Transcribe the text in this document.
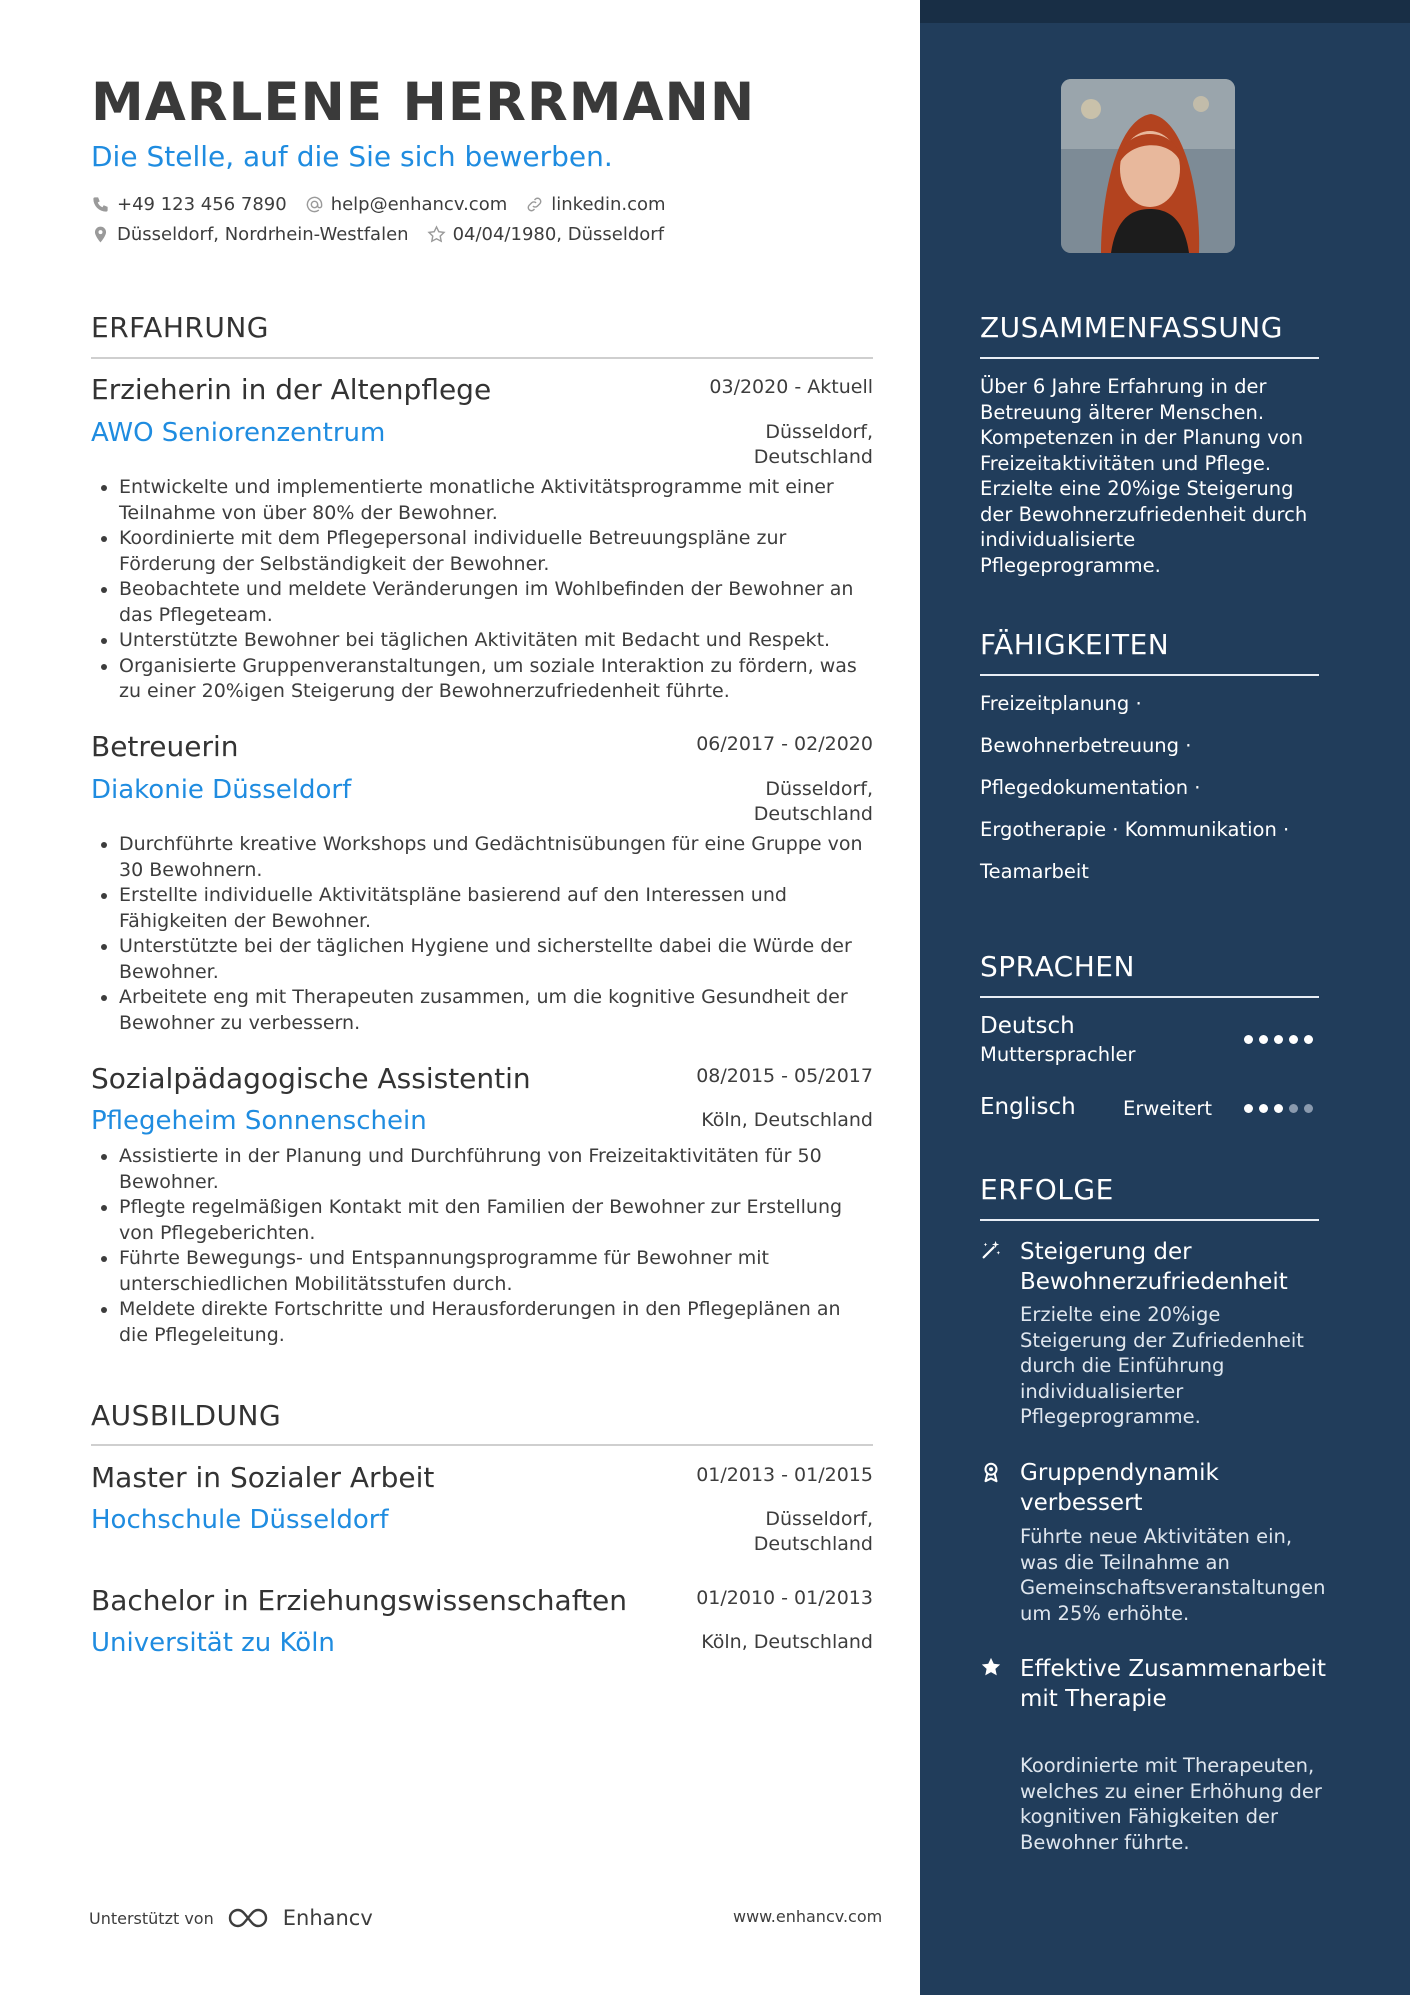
MARLENE HERRMANN
Die Stelle, auf die Sie sich bewerben.
+49 123 456 7890 help@enhancv.com linkedin.com
Düsseldorf, Nordrhein-Westfalen 04/04/1980, Düsseldorf
ERFAHRUNG
Erzieherin in der Altenpflege	03/2020 - Aktuell
AWO Seniorenzentrum	Düsseldorf,
Deutschland
• Entwickelte und implementierte monatliche Aktivitätsprogramme mit einer Teilnahme von über 80% der Bewohner.
• Koordinierte mit dem Pflegepersonal individuelle Betreuungspläne zur Förderung der Selbständigkeit der Bewohner.
• Beobachtete und meldete Veränderungen im Wohlbefinden der Bewohner an das Pflegeteam.
• Unterstützte Bewohner bei täglichen Aktivitäten mit Bedacht und Respekt.
• Organisierte Gruppenveranstaltungen, um soziale Interaktion zu fördern, was zu einer 20%igen Steigerung der Bewohnerzufriedenheit führte.
Betreuerin	06/2017 - 02/2020
Diakonie Düsseldorf	Düsseldorf,
Deutschland
• Durchführte kreative Workshops und Gedächtnisübungen für eine Gruppe von 30 Bewohnern.
• Erstellte individuelle Aktivitätspläne basierend auf den Interessen und Fähigkeiten der Bewohner.
• Unterstützte bei der täglichen Hygiene und sicherstellte dabei die Würde der Bewohner.
• Arbeitete eng mit Therapeuten zusammen, um die kognitive Gesundheit der Bewohner zu verbessern.
Sozialpädagogische Assistentin	08/2015 - 05/2017
Pflegeheim Sonnenschein	Köln, Deutschland
• Assistierte in der Planung und Durchführung von Freizeitaktivitäten für 50 Bewohner.
• Pflegte regelmäßigen Kontakt mit den Familien der Bewohner zur Erstellung von Pflegeberichten.
• Führte Bewegungs- und Entspannungsprogramme für Bewohner mit unterschiedlichen Mobilitätsstufen durch.
• Meldete direkte Fortschritte und Herausforderungen in den Pflegeplänen an die Pflegeleitung.
AUSBILDUNG
Master in Sozialer Arbeit	01/2013 - 01/2015
Hochschule Düsseldorf	Düsseldorf,
Deutschland
Bachelor in Erziehungswissenschaften	01/2010 - 01/2013
Universität zu Köln	Köln, Deutschland
Unterstützt von	Enhancv	www.enhancv.com
ZUSAMMENFASSUNG
Über 6 Jahre Erfahrung in der Betreuung älterer Menschen. Kompetenzen in der Planung von Freizeitaktivitäten und Pflege. Erzielte eine 20%ige Steigerung der Bewohnerzufriedenheit durch individualisierte Pflegeprogramme.
FÄHIGKEITEN
Freizeitplanung ·
Bewohnerbetreuung ·
Pflegedokumentation ·
Ergotherapie · Kommunikation ·
Teamarbeit
SPRACHEN
Deutsch
Muttersprachler
Englisch Erweitert
ERFOLGE
Steigerung der Bewohnerzufriedenheit
Erzielte eine 20%ige Steigerung der Zufriedenheit durch die Einführung individualisierter Pflegeprogramme.
Gruppendynamik verbessert
Führte neue Aktivitäten ein, was die Teilnahme an Gemeinschaftsveranstaltungen um 25% erhöhte.
Effektive Zusammenarbeit mit Therapie
Koordinierte mit Therapeuten, welches zu einer Erhöhung der kognitiven Fähigkeiten der Bewohner führte.
